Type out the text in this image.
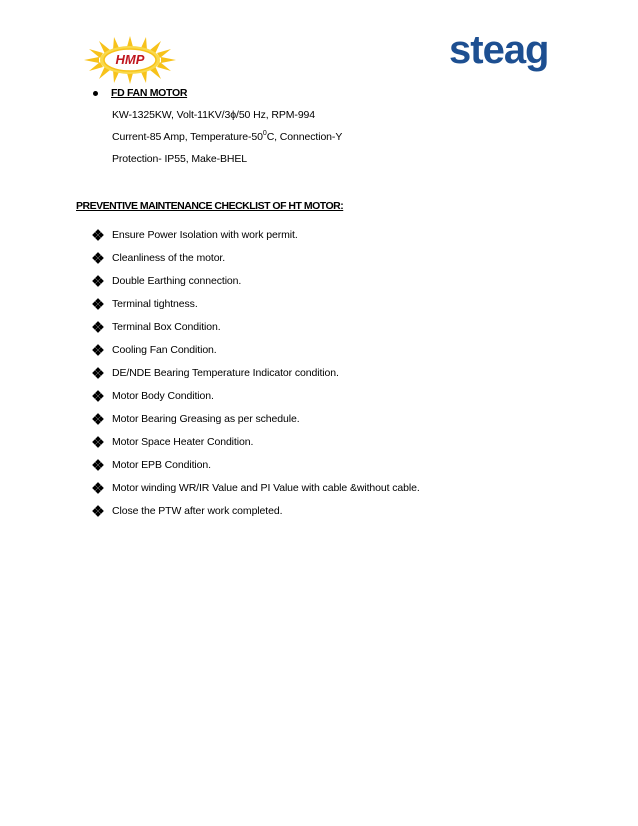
HMP	steag
FD FAN MOTOR
KW-1325KW, Volt-11KV/3ϕ/50 Hz, RPM-994
Current-85 Amp, Temperature-$50^0C$, Connection-Y
Protection- IP55, Make-BHEL
PREVENTIVE MAINTENANCE CHECKLIST OF HT MOTOR:
Ensure Power Isolation with work permit.
Cleanliness of the motor.
Double Earthing connection.
Terminal tightness.
Terminal Box Condition.
Cooling Fan Condition.
DE/NDE Bearing Temperature Indicator condition.
Motor Body Condition.
Motor Bearing Greasing as per schedule.
Motor Space Heater Condition.
Motor EPB Condition.
Motor winding WR/IR Value and PI Value with cable &without cable.
Close the PTW after work completed.
